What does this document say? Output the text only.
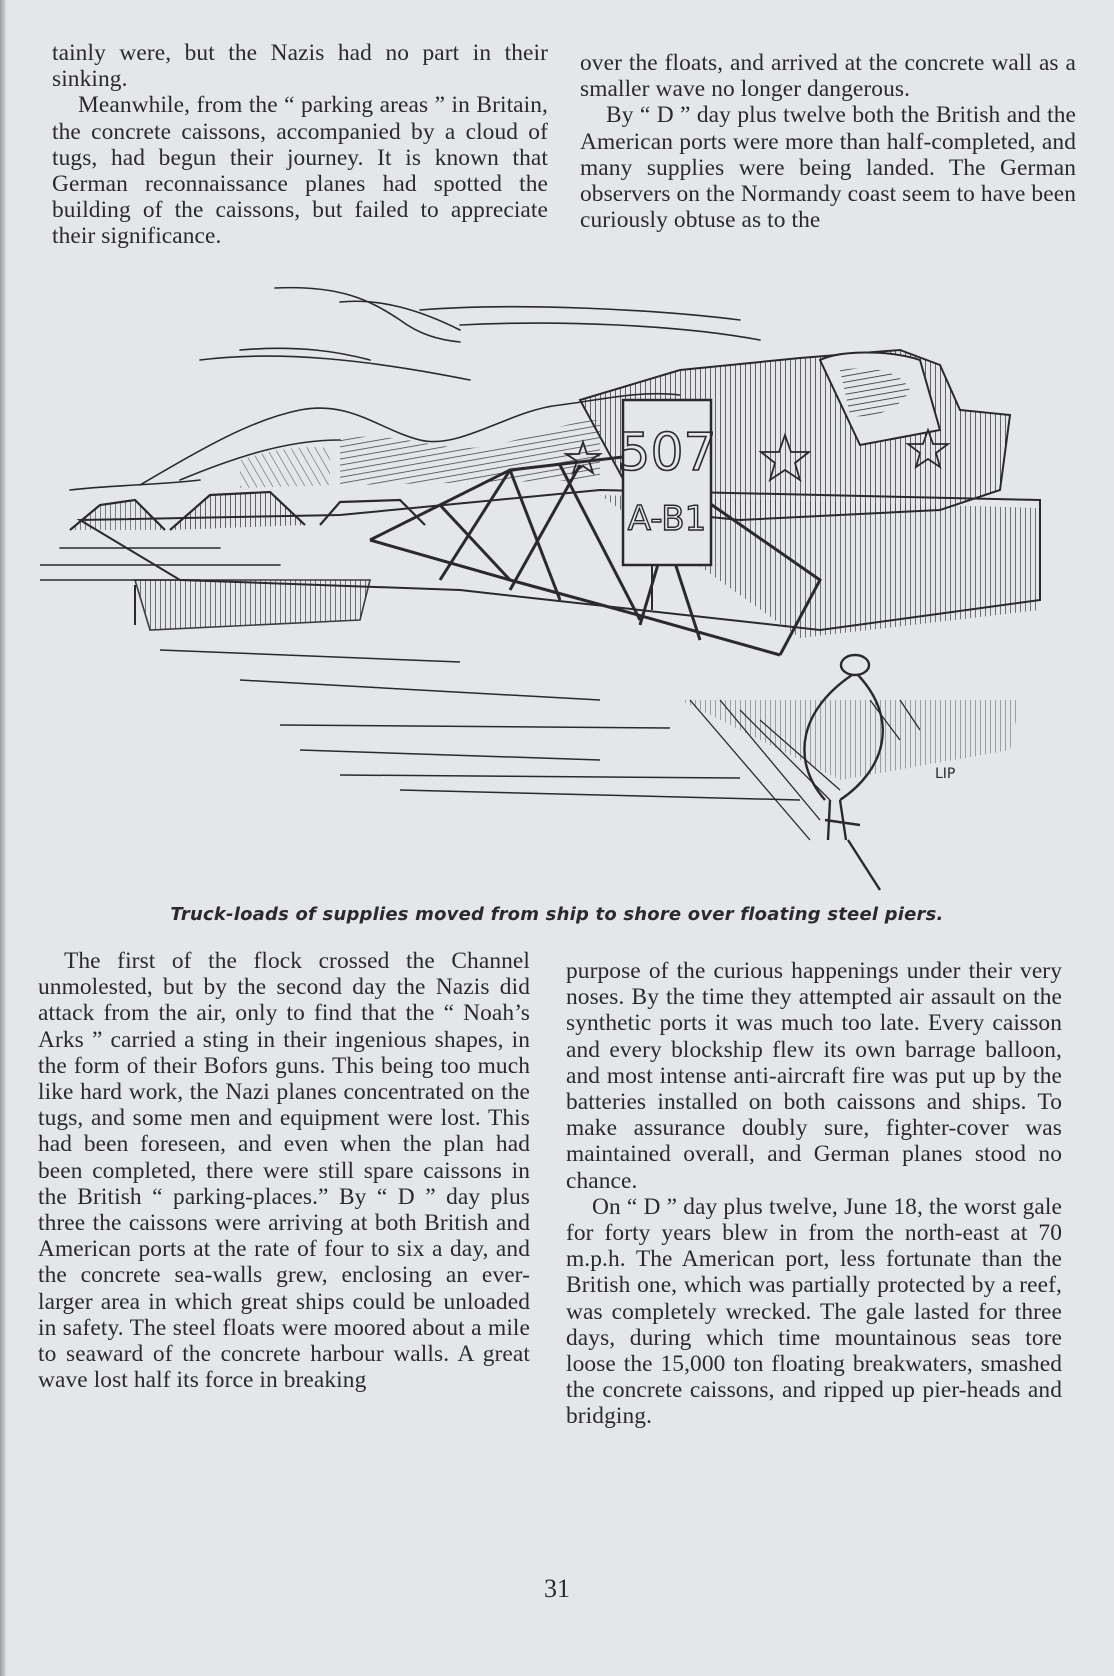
tainly were, but the Nazis had no part in their sinking.

Meanwhile, from the “ parking areas ” in Britain, the concrete caissons, accompanied by a cloud of tugs, had begun their journey. It is known that German reconnaissance planes had spotted the building of the caissons, but failed to appreciate their significance.

over the floats, and arrived at the concrete wall as a smaller wave no longer dangerous.

By “ D ” day plus twelve both the British and the American ports were more than half-completed, and many supplies were being landed. The German observers on the Normandy coast seem to have been curiously obtuse as to the

507
A-B1
LIP
Truck-loads of supplies moved from ship to shore over floating steel piers.

The first of the flock crossed the Channel unmolested, but by the second day the Nazis did attack from the air, only to find that the “ Noah’s Arks ” carried a sting in their ingenious shapes, in the form of their Bofors guns. This being too much like hard work, the Nazi planes concentrated on the tugs, and some men and equipment were lost. This had been foreseen, and even when the plan had been completed, there were still spare caissons in the British “ parking-places.” By “ D ” day plus three the caissons were arriving at both British and American ports at the rate of four to six a day, and the concrete sea-walls grew, enclosing an ever-larger area in which great ships could be unloaded in safety. The steel floats were moored about a mile to seaward of the concrete harbour walls. A great wave lost half its force in breaking

purpose of the curious happenings under their very noses. By the time they attempted air assault on the synthetic ports it was much too late. Every caisson and every blockship flew its own barrage balloon, and most intense anti-aircraft fire was put up by the batteries installed on both caissons and ships. To make assurance doubly sure, fighter-cover was maintained overall, and German planes stood no chance.

On “ D ” day plus twelve, June 18, the worst gale for forty years blew in from the north-east at 70 m.p.h. The American port, less fortunate than the British one, which was partially protected by a reef, was completely wrecked. The gale lasted for three days, during which time mountainous seas tore loose the 15,000 ton floating breakwaters, smashed the concrete caissons, and ripped up pier-heads and bridging.

31
